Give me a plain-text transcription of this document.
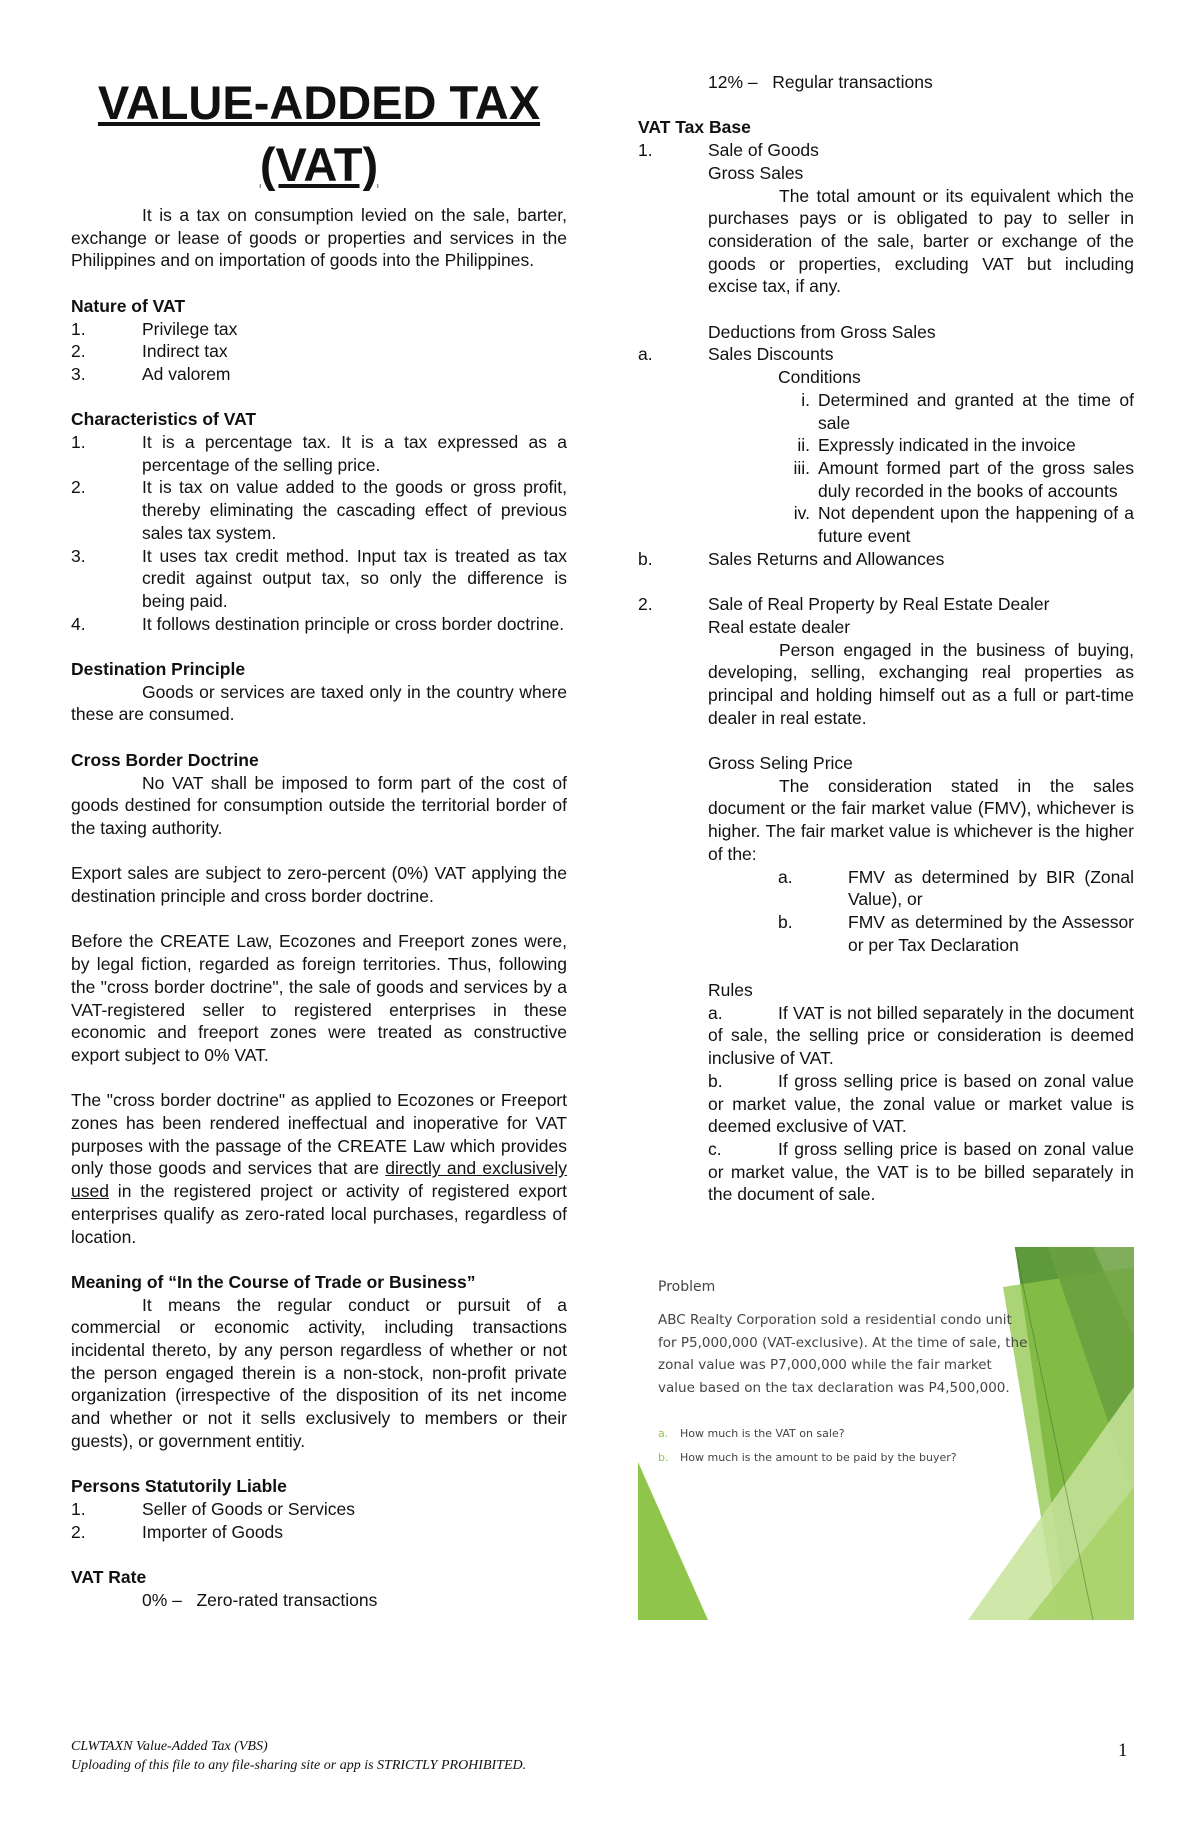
VALUE-ADDED TAX
(VAT)

It is a tax on consumption levied on the sale, barter, exchange or lease of goods or properties and services in the Philippines and on importation of goods into the Philippines.

Nature of VAT

1.	Privilege tax
2.	Indirect tax
3.	Ad valorem

Characteristics of VAT

1.	It is a percentage tax. It is a tax expressed as a percentage of the selling price.
2.	It is tax on value added to the goods or gross profit, thereby eliminating the cascading effect of previous sales tax system.
3.	It uses tax credit method. Input tax is treated as tax credit against output tax, so only the difference is being paid.
4.	It follows destination principle or cross border doctrine.

Destination Principle

Goods or services are taxed only in the country where these are consumed.

Cross Border Doctrine

No VAT shall be imposed to form part of the cost of goods destined for consumption outside the territorial border of the taxing authority.

Export sales are subject to zero-percent (0%) VAT applying the destination principle and cross border doctrine.

Before the CREATE Law, Ecozones and Freeport zones were, by legal fiction, regarded as foreign territories. Thus, following the "cross border doctrine", the sale of goods and services by a VAT-registered seller to registered enterprises in these economic and freeport zones were treated as constructive export subject to 0% VAT.

The "cross border doctrine" as applied to Ecozones or Freeport zones has been rendered ineffectual and inoperative for VAT purposes with the passage of the CREATE Law which provides only those goods and services that are directly and exclusively used in the registered project or activity of registered export enterprises qualify as zero-rated local purchases, regardless of location.

Meaning of “In the Course of Trade or Business”

It means the regular conduct or pursuit of a commercial or economic activity, including transactions incidental thereto, by any person regardless of whether or not the person engaged therein is a non-stock, non-profit private organization (irrespective of the disposition of its net income and whether or not it sells exclusively to members or their guests), or government entitiy.

Persons Statutorily Liable

1.	Seller of Goods or Services
2.	Importer of Goods

VAT Rate

0% –   Zero-rated transactions

12% –   Regular transactions

VAT Tax Base

1.	Sale of Goods
Gross Sales

The total amount or its equivalent which the purchases pays or is obligated to pay to seller in consideration of the sale, barter or exchange of the goods or properties, excluding VAT but including excise tax, if any.

Deductions from Gross Sales
a.	Sales Discounts
Conditions
i. Determined and granted at the time of sale
ii. Expressly indicated in the invoice
iii. Amount formed part of the gross sales duly recorded in the books of accounts
iv. Not dependent upon the happening of a future event
b.	Sales Returns and Allowances
2.	Sale of Real Property by Real Estate Dealer
Real estate dealer

Person engaged in the business of buying, developing, selling, exchanging real properties as principal and holding himself out as a full or part-time dealer in real estate.

Gross Seling Price

The consideration stated in the sales document or the fair market value (FMV), whichever is higher. The fair market value is whichever is the higher of the:

a.	FMV as determined by BIR (Zonal Value), or
b.	FMV as determined by the Assessor or per Tax Declaration
Rules

a.	If VAT is not billed separately in the document of sale, the selling price or consideration is deemed inclusive of VAT.

b.	If gross selling price is based on zonal value or market value, the zonal value or market value is deemed exclusive of VAT.

c.	If gross selling price is based on zonal value or market value, the VAT is to be billed separately in the document of sale.

Problem
ABC Realty Corporation sold a residential condo unit for P5,000,000 (VAT-exclusive). At the time of sale, the zonal value was P7,000,000 while the fair market value based on the tax declaration was P4,500,000.
a. How much is the VAT on sale?
b. How much is the amount to be paid by the buyer?
CLWTAXN Value-Added Tax (VBS)
Uploading of this file to any file-sharing site or app is STRICTLY PROHIBITED.
1
